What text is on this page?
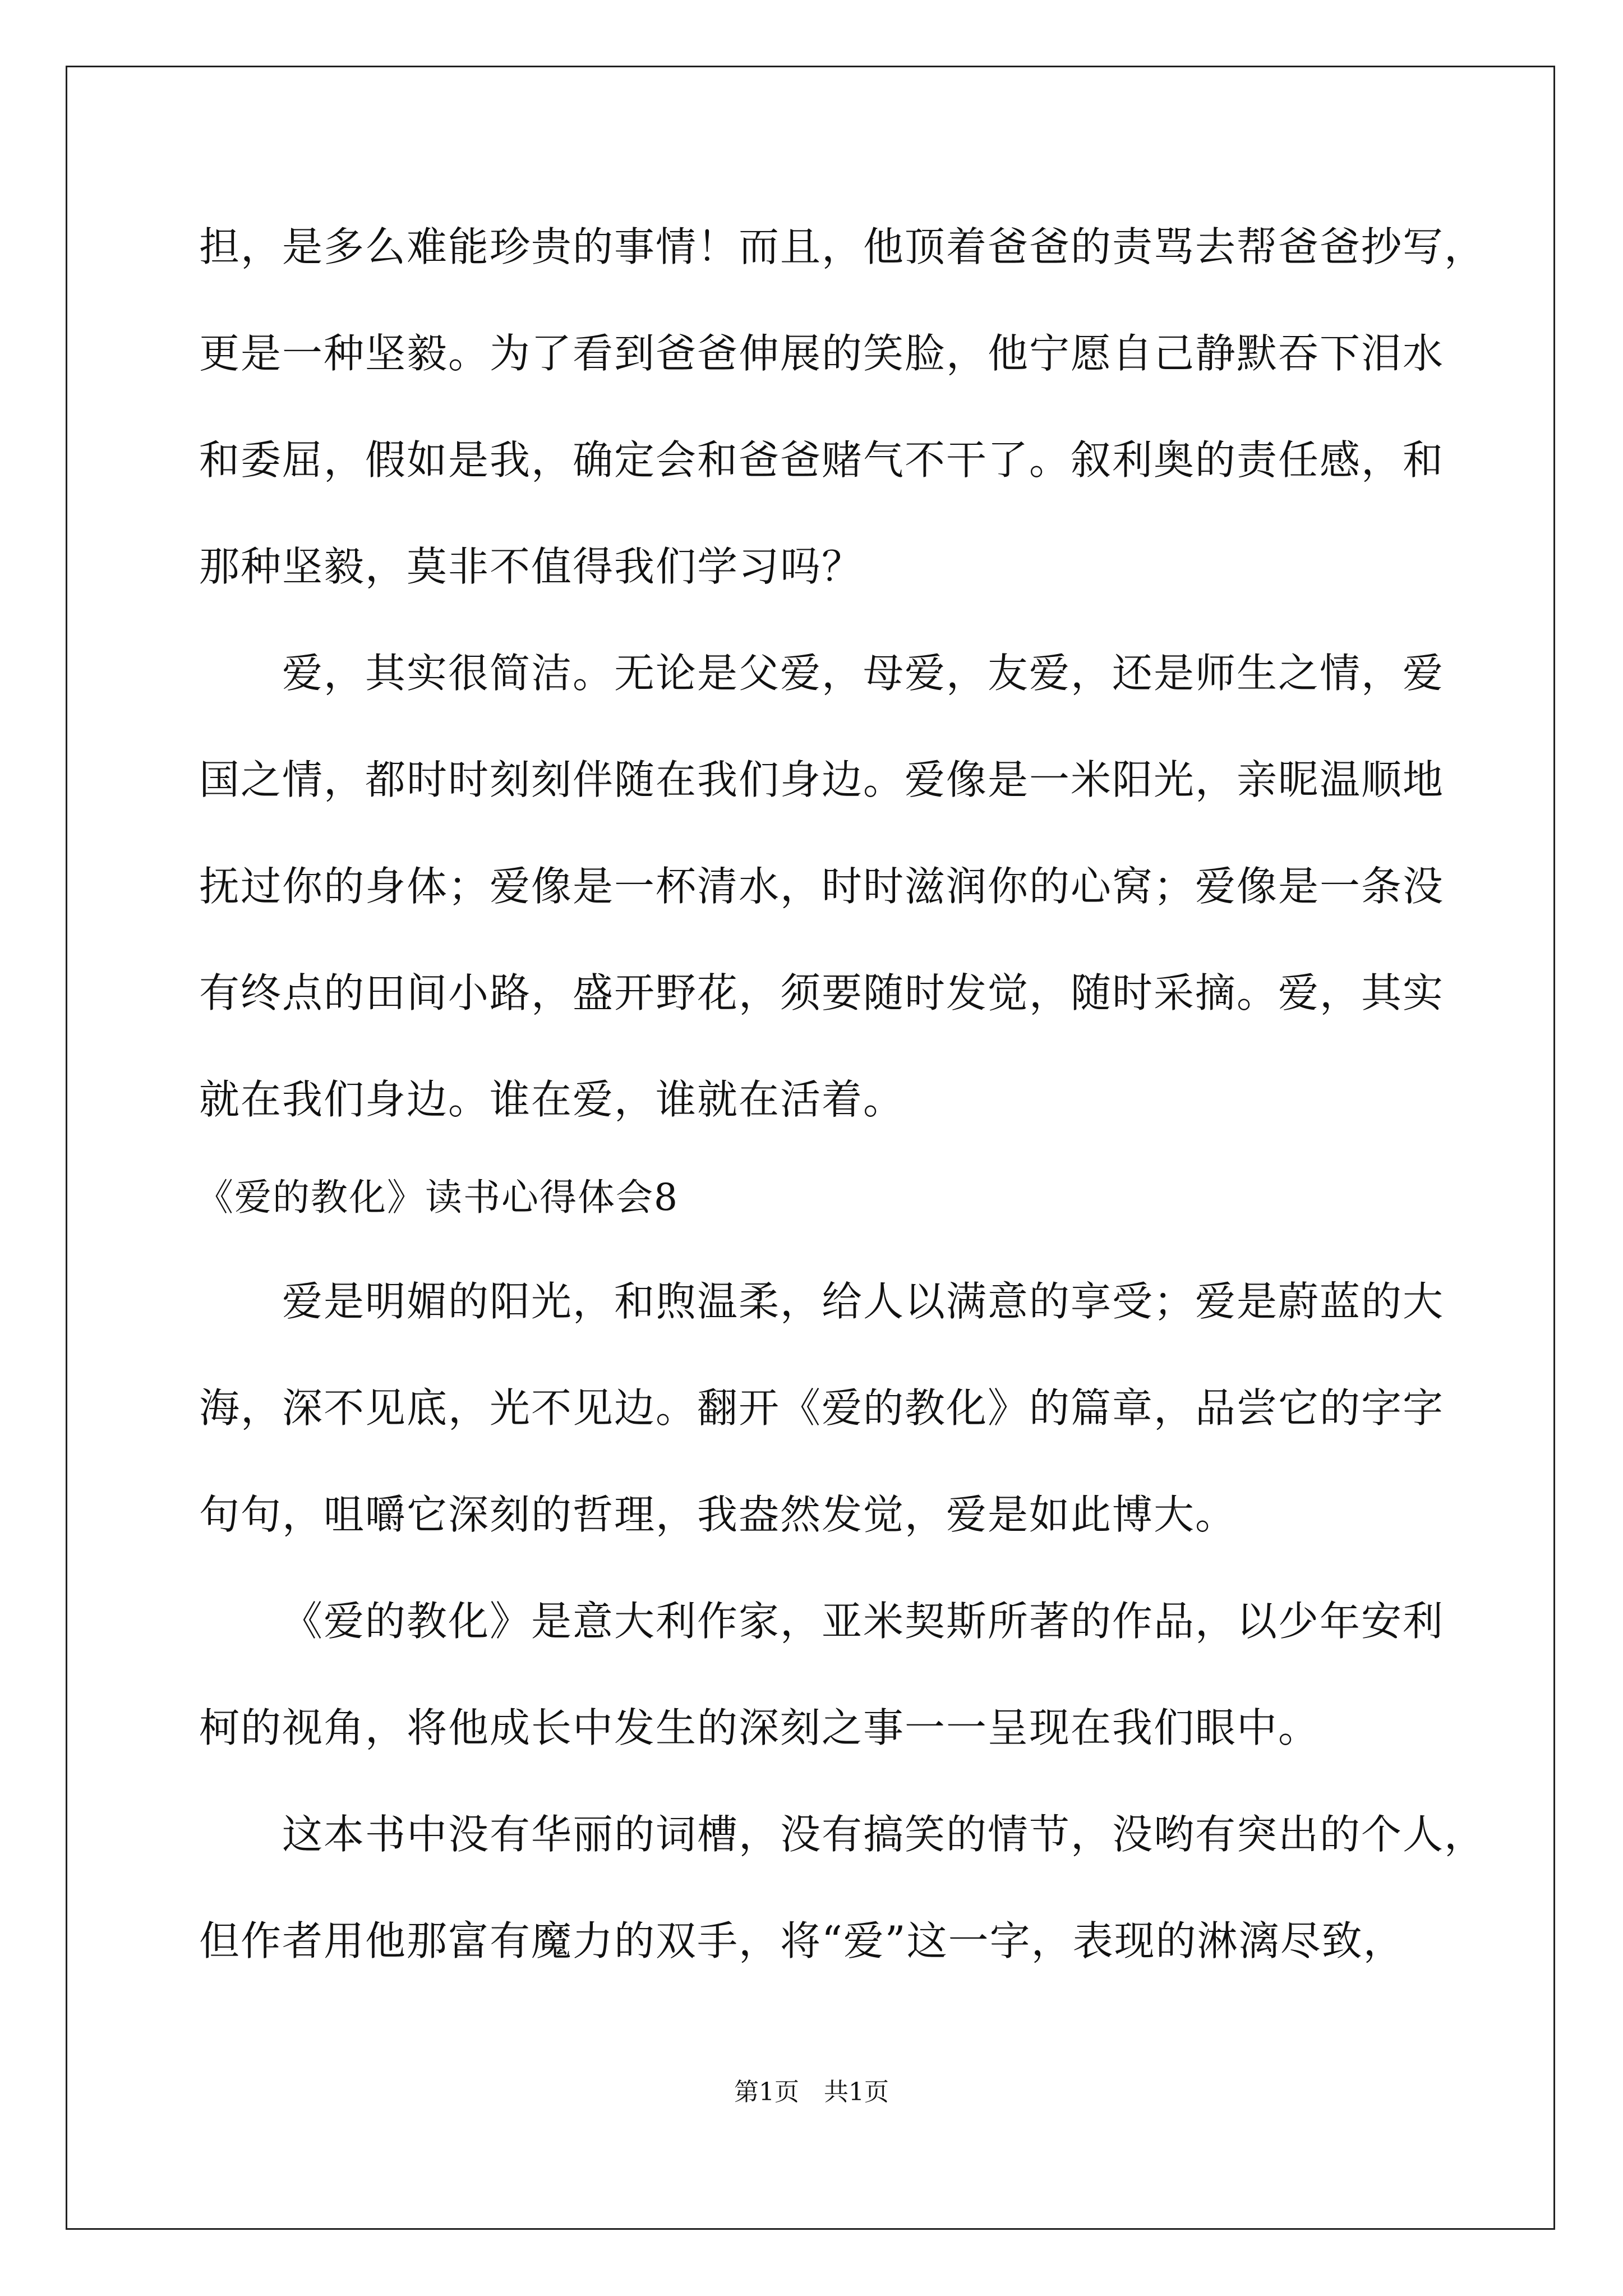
担，是多么难能珍贵的事情！而且，他顶着爸爸的责骂去帮爸爸抄写，
更是一种坚毅。为了看到爸爸伸展的笑脸，他宁愿自己静默吞下泪水
和委屈，假如是我，确定会和爸爸赌气不干了。叙利奥的责任感，和
那种坚毅，莫非不值得我们学习吗？
爱，其实很简洁。无论是父爱，母爱，友爱，还是师生之情，爱
国之情，都时时刻刻伴随在我们身边。爱像是一米阳光，亲昵温顺地
抚过你的身体；爱像是一杯清水，时时滋润你的心窝；爱像是一条没
有终点的田间小路，盛开野花，须要随时发觉，随时采摘。爱，其实
就在我们身边。谁在爱，谁就在活着。
《爱的教化》读书心得体会8
爱是明媚的阳光，和煦温柔，给人以满意的享受；爱是蔚蓝的大
海，深不见底，光不见边。翻开《爱的教化》的篇章，品尝它的字字
句句，咀嚼它深刻的哲理，我盎然发觉，爱是如此博大。
《爱的教化》是意大利作家，亚米契斯所著的作品，以少年安利
柯的视角，将他成长中发生的深刻之事一一呈现在我们眼中。
这本书中没有华丽的词槽，没有搞笑的情节，没哟有突出的个人，
但作者用他那富有魔力的双手，将“爱”这一字，表现的淋漓尽致，
第1页　共1页
